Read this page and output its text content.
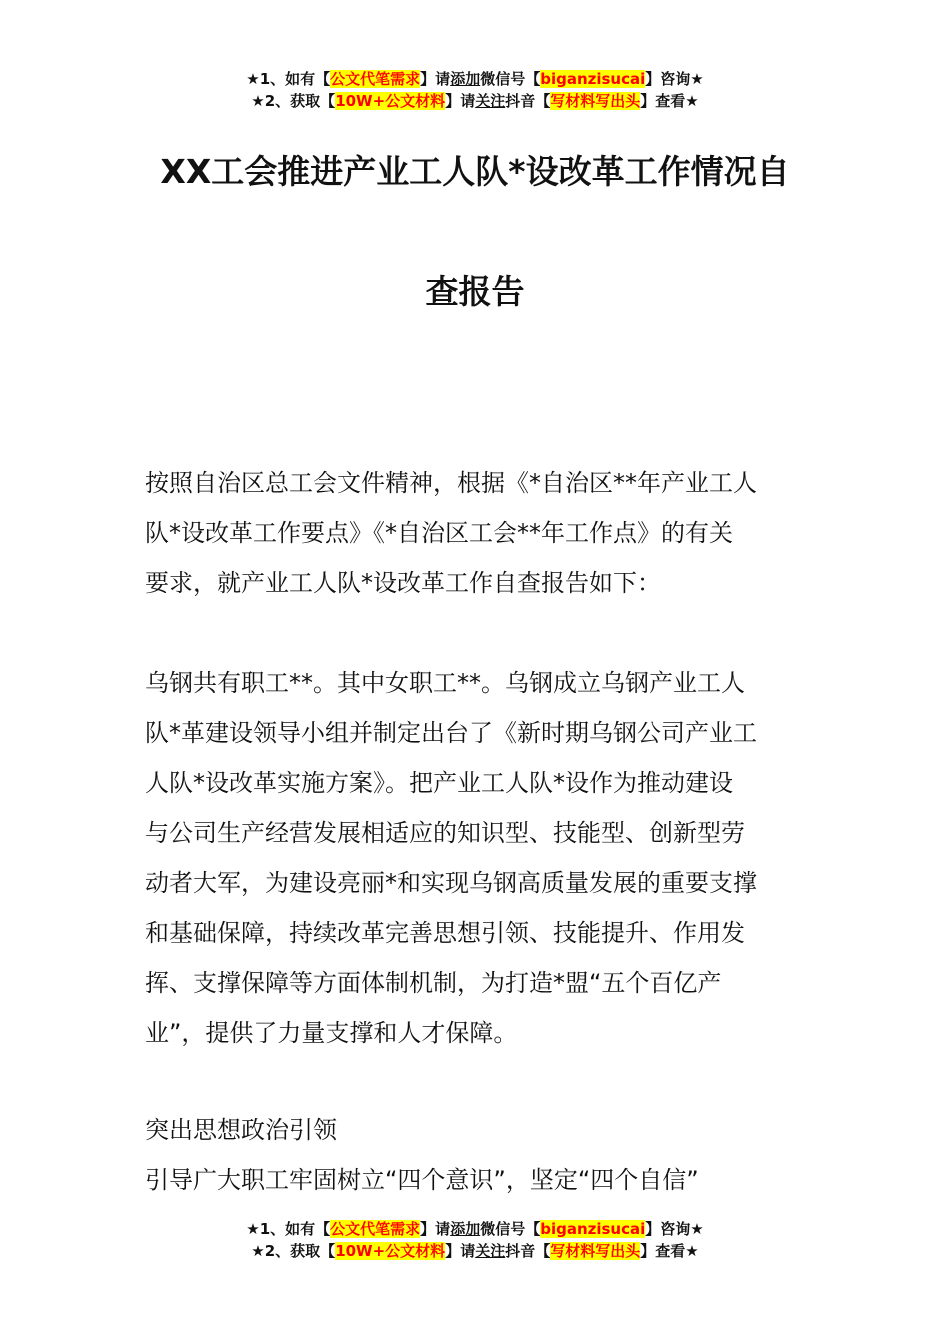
★1、如有【公文代笔需求】请添加微信号【biganzisucai】咨询★
★2、获取【10W+公文材料】请关注抖音【写材料写出头】查看★
XX工会推进产业工人队*设改革工作情况自
查报告
按照自治区总工会文件精神，根据《*自治区**年产业工人
队*设改革工作要点》《*自治区工会**年工作点》的有关
要求，就产业工人队*设改革工作自查报告如下：
乌钢共有职工**。其中女职工**。乌钢成立乌钢产业工人
队*革建设领导小组并制定出台了《新时期乌钢公司产业工
人队*设改革实施方案》。把产业工人队*设作为推动建设
与公司生产经营发展相适应的知识型、技能型、创新型劳
动者大军，为建设亮丽*和实现乌钢高质量发展的重要支撑
和基础保障，持续改革完善思想引领、技能提升、作用发
挥、支撑保障等方面体制机制，为打造*盟“五个百亿产
业”，提供了力量支撑和人才保障。
突出思想政治引领
引导广大职工牢固树立“四个意识”，坚定“四个自信”
★1、如有【公文代笔需求】请添加微信号【biganzisucai】咨询★
★2、获取【10W+公文材料】请关注抖音【写材料写出头】查看★
